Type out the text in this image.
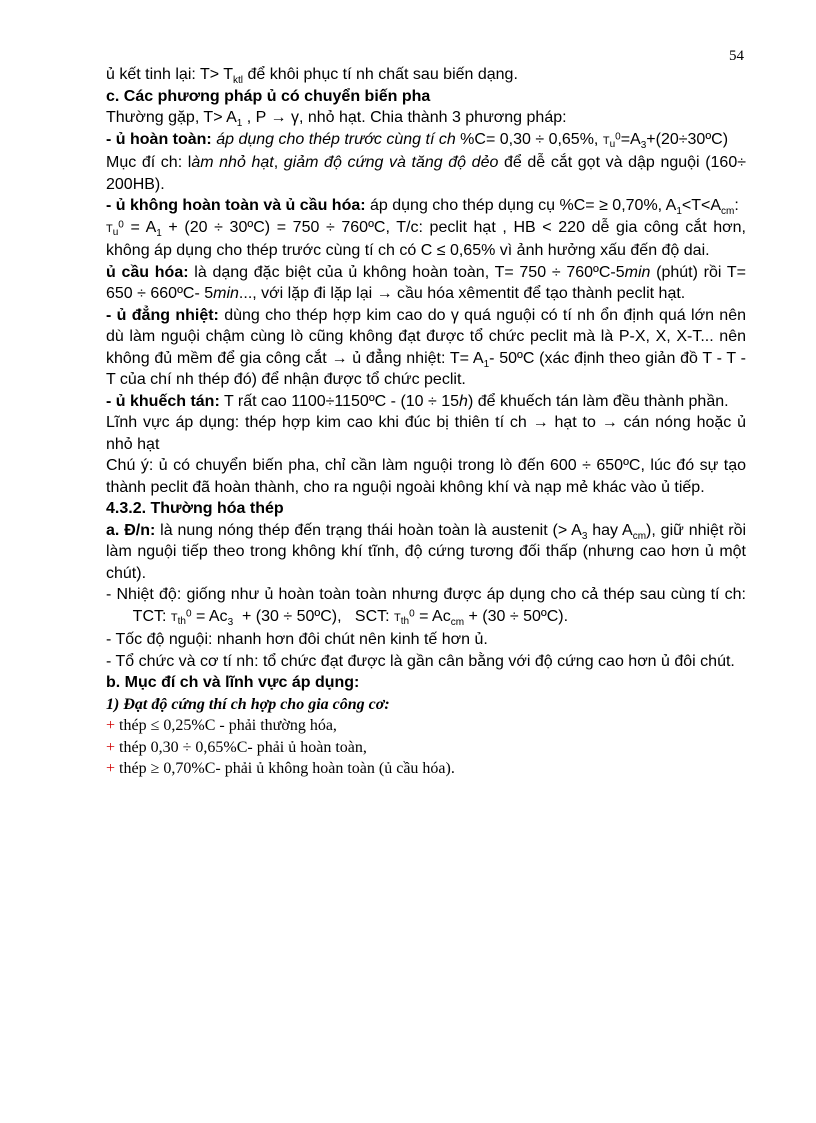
54

ủ kết tinh lại: $T> T_{ktl}$ để khôi phục tí nh chất sau biến dạng.

c. Các phương pháp ủ có chuyển biến pha

Thường gặp, $T> A_1$ , P → γ, nhỏ hạt. Chia thành 3 phương pháp:

- ủ hoàn toàn: áp dụng cho thép trước cùng tí ch %C= 0,30 ÷ 0,65%, $T_u^0=A_3+(20\div 30ºC)$

Mục đí ch: làm nhỏ hạt, giảm độ cứng và tăng độ dẻo để dễ cắt gọt và dập nguội (160÷ 200HB).

- ủ không hoàn toàn và ủ cầu hóa: áp dụng cho thép dụng cụ %C= ≥ 0,70%, $A_1<T<A_{cm}$:

$T_u^0 = A_1 + (20$ ÷ 30ºC) = 750 ÷ 760ºC, T/c: peclit hạt , HB < 220 dễ gia công cắt hơn, không áp dụng cho thép trước cùng tí ch có C ≤ 0,65% vì ảnh hưởng xấu đến độ dai.

ủ cầu hóa: là dạng đặc biệt của ủ không hoàn toàn, T= 750 ÷ 760ºC-5min (phút) rồi T= 650 ÷ 660ºC- 5min..., với lặp đi lặp lại → cầu hóa xêmentit để tạo thành peclit hạt.

- ủ đẳng nhiệt: dùng cho thép hợp kim cao do γ quá nguội có tí nh ổn định quá lớn nên dù làm nguội chậm cùng lò cũng không đạt được tổ chức peclit mà là P-X, X, X-T... nên không đủ mềm để gia công cắt → ủ đẳng nhiệt: $T= A_1-$ 50ºC (xác định theo giản đồ T - T - T của chí nh thép đó) để nhận được tổ chức peclit.

- ủ khuếch tán: T rất cao 1100÷1150ºC - (10 ÷ 15h) để khuếch tán làm đều thành phần.

Lĩnh vực áp dụng: thép hợp kim cao khi đúc bị thiên tí ch → hạt to → cán nóng hoặc ủ nhỏ hạt

Chú ý: ủ có chuyển biến pha, chỉ cần làm nguội trong lò đến 600 ÷ 650ºC, lúc đó sự tạo thành peclit đã hoàn thành, cho ra nguội ngoài không khí và nạp mẻ khác vào ủ tiếp.

4.3.2. Thường hóa thép

a. Đ/n: là nung nóng thép đến trạng thái hoàn toàn là austenit (> $A_3$ hay $A_{cm}$), giữ nhiệt rồi làm nguội tiếp theo trong không khí tĩnh, độ cứng tương đối thấp (nhưng cao hơn ủ một chút).

- Nhiệt độ: giống như ủ hoàn toàn toàn nhưng được áp dụng cho cả thép sau cùng tí ch:       TCT: $T_{th}^0 = Ac_3 + (30$ ÷ 50ºC),   SCT: $T_{th}^0 = Ac_{cm} + (30$ ÷ 50ºC).

- Tốc độ nguội: nhanh hơn đôi chút nên kinh tế hơn ủ.

- Tổ chức và cơ tí nh: tổ chức đạt được là gần cân bằng với độ cứng cao hơn ủ đôi chút.

b. Mục đí ch và lĩnh vực áp dụng:

1) Đạt độ cứng thí ch hợp cho gia công cơ:

+ thép ≤ 0,25%C - phải thường hóa,

+ thép 0,30 ÷ 0,65%C- phải ủ hoàn toàn,

+ thép ≥ 0,70%C- phải ủ không hoàn toàn (ủ cầu hóa).
